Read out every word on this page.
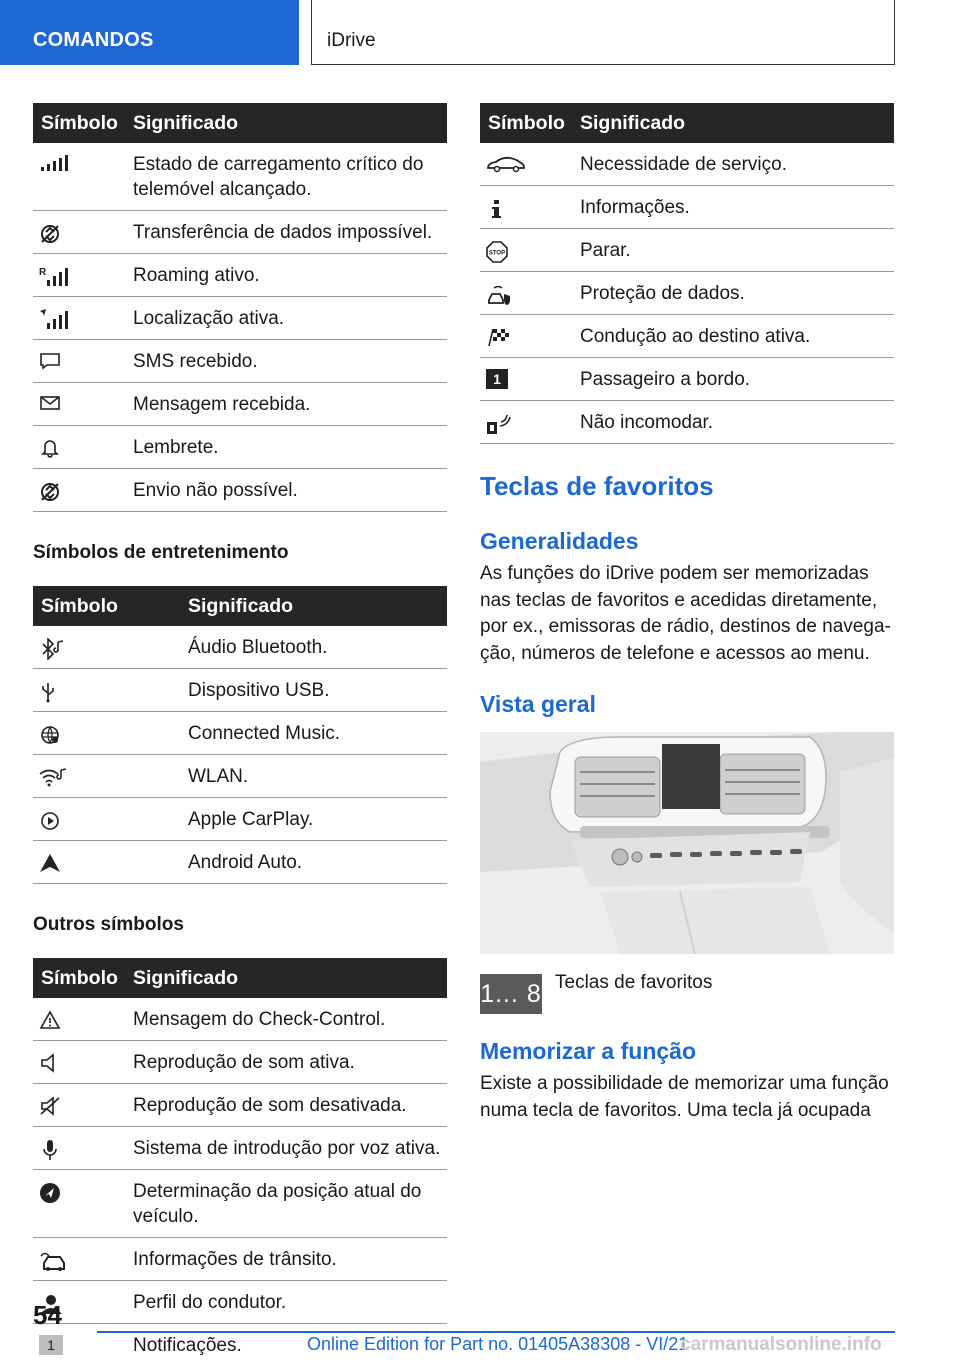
COMANDOS	iDrive
Símbolo	Significado

	Estado de carregamento crítico do telemóvel alcançado.

	Transferência de dados impossível.

R	Roaming ativo.

	Localização ativa.

	SMS recebido.

	Mensagem recebida.

	Lembrete.

	Envio não possível.
Símbolos de entretenimento
Símbolo	Significado

	Áudio Bluetooth.

	Dispositivo USB.

	Connected Music.

	WLAN.

	Apple CarPlay.

	Android Auto.
Outros símbolos
Símbolo	Significado

	Mensagem do Check-Control.

	Reprodução de som ativa.

	Reprodução de som desativada.

	Sistema de introdução por voz ativa.

	Determinação da posição atual do veículo.

	Informações de trânsito.

	Perfil do condutor.

1	Notificações.
Símbolo	Significado

	Necessidade de serviço.

	Informações.

STOP	Parar.

	Proteção de dados.

	Condução ao destino ativa.

1	Passageiro a bordo.

	Não incomodar.
Teclas de favoritos
Generalidades
As funções do iDrive podem ser memorizadas nas teclas de favoritos e acedidas diretamente, por ex., emissoras de rádio, destinos de navegação, números de telefone e acessos ao menu.
Vista geral
1... 8 Teclas de favoritos
Memorizar a função
Existe a possibilidade de memorizar uma função numa tecla de favoritos. Uma tecla já ocupada
54
Online Edition for Part no. 01405A38308 - VI/21
carmanualsonline.info
